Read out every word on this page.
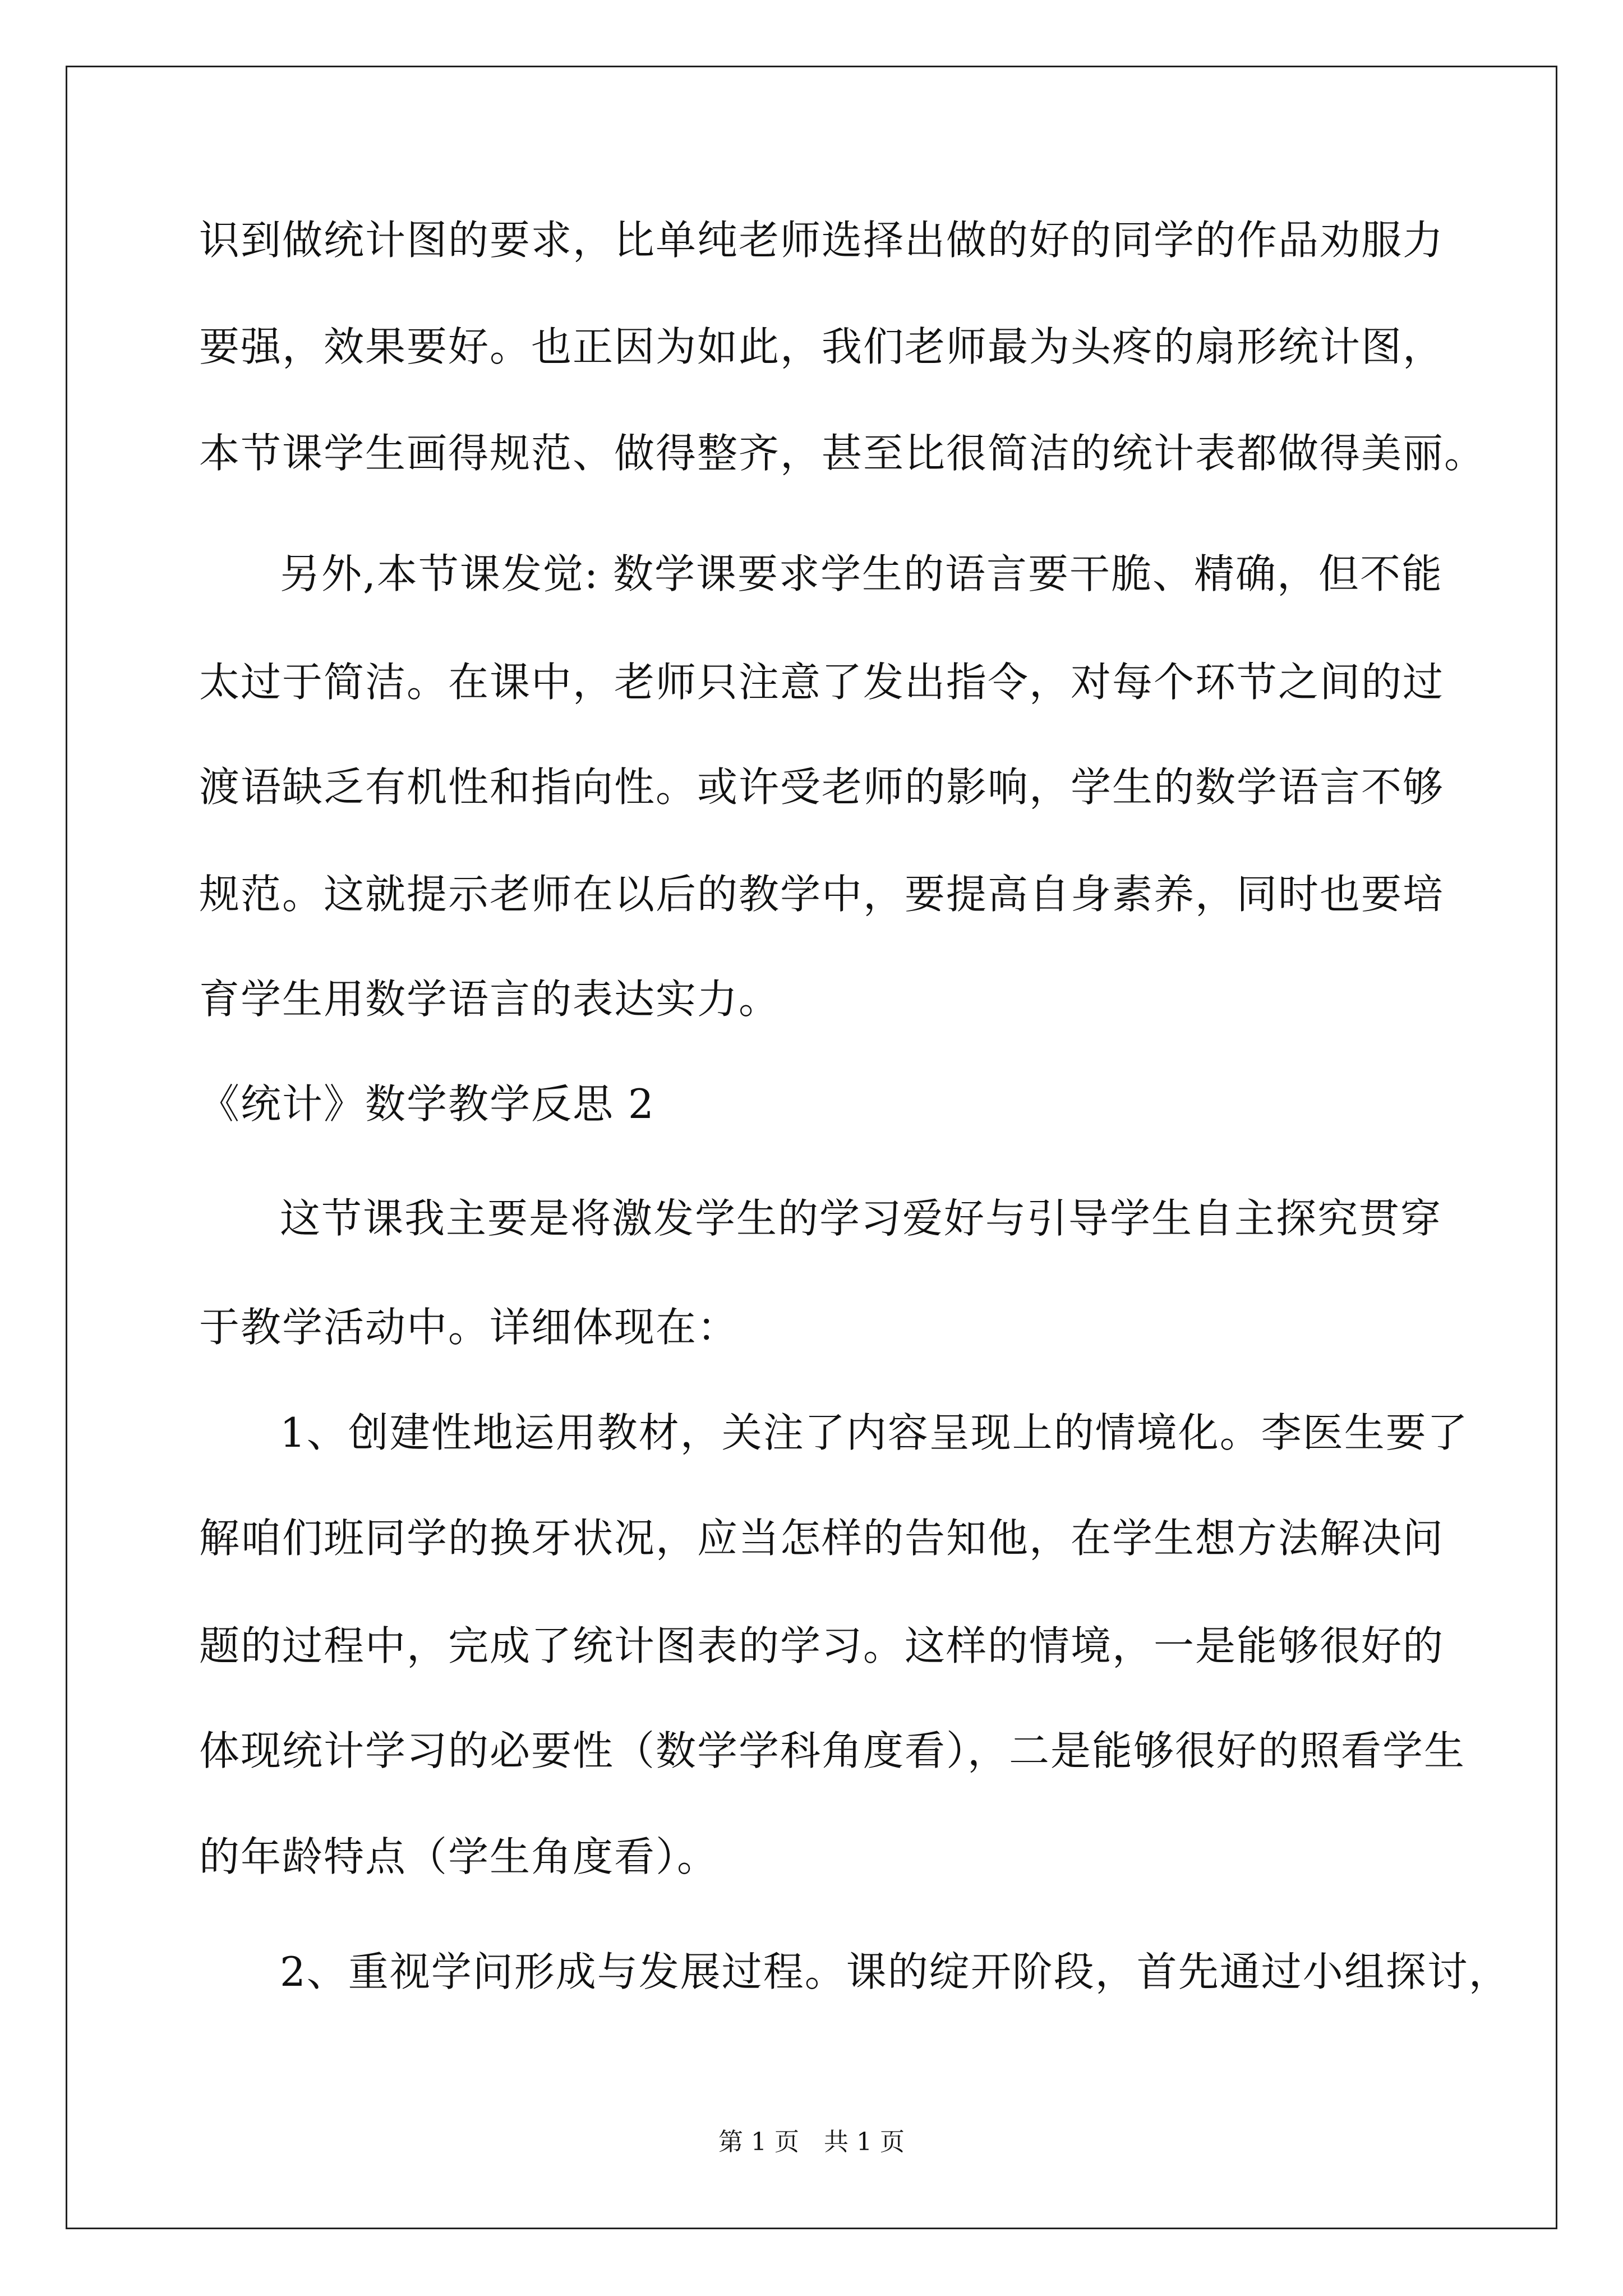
识到做统计图的要求，比单纯老师选择出做的好的同学的作品劝服力
要强，效果要好。也正因为如此，我们老师最为头疼的扇形统计图，
本节课学生画得规范、做得整齐，甚至比很简洁的统计表都做得美丽。
另外,本节课发觉: 数学课要求学生的语言要干脆、精确，但不能
太过于简洁。在课中，老师只注意了发出指令，对每个环节之间的过
渡语缺乏有机性和指向性。或许受老师的影响，学生的数学语言不够
规范。这就提示老师在以后的教学中，要提高自身素养，同时也要培
育学生用数学语言的表达实力。
《统计》数学教学反思 2
这节课我主要是将激发学生的学习爱好与引导学生自主探究贯穿
于教学活动中。详细体现在：
1、创建性地运用教材，关注了内容呈现上的情境化。李医生要了
解咱们班同学的换牙状况，应当怎样的告知他，在学生想方法解决问
题的过程中，完成了统计图表的学习。这样的情境，一是能够很好的
体现统计学习的必要性（数学学科角度看），二是能够很好的照看学生
的年龄特点（学生角度看）。
2、重视学问形成与发展过程。课的绽开阶段，首先通过小组探讨，
第 1 页　共 1 页
